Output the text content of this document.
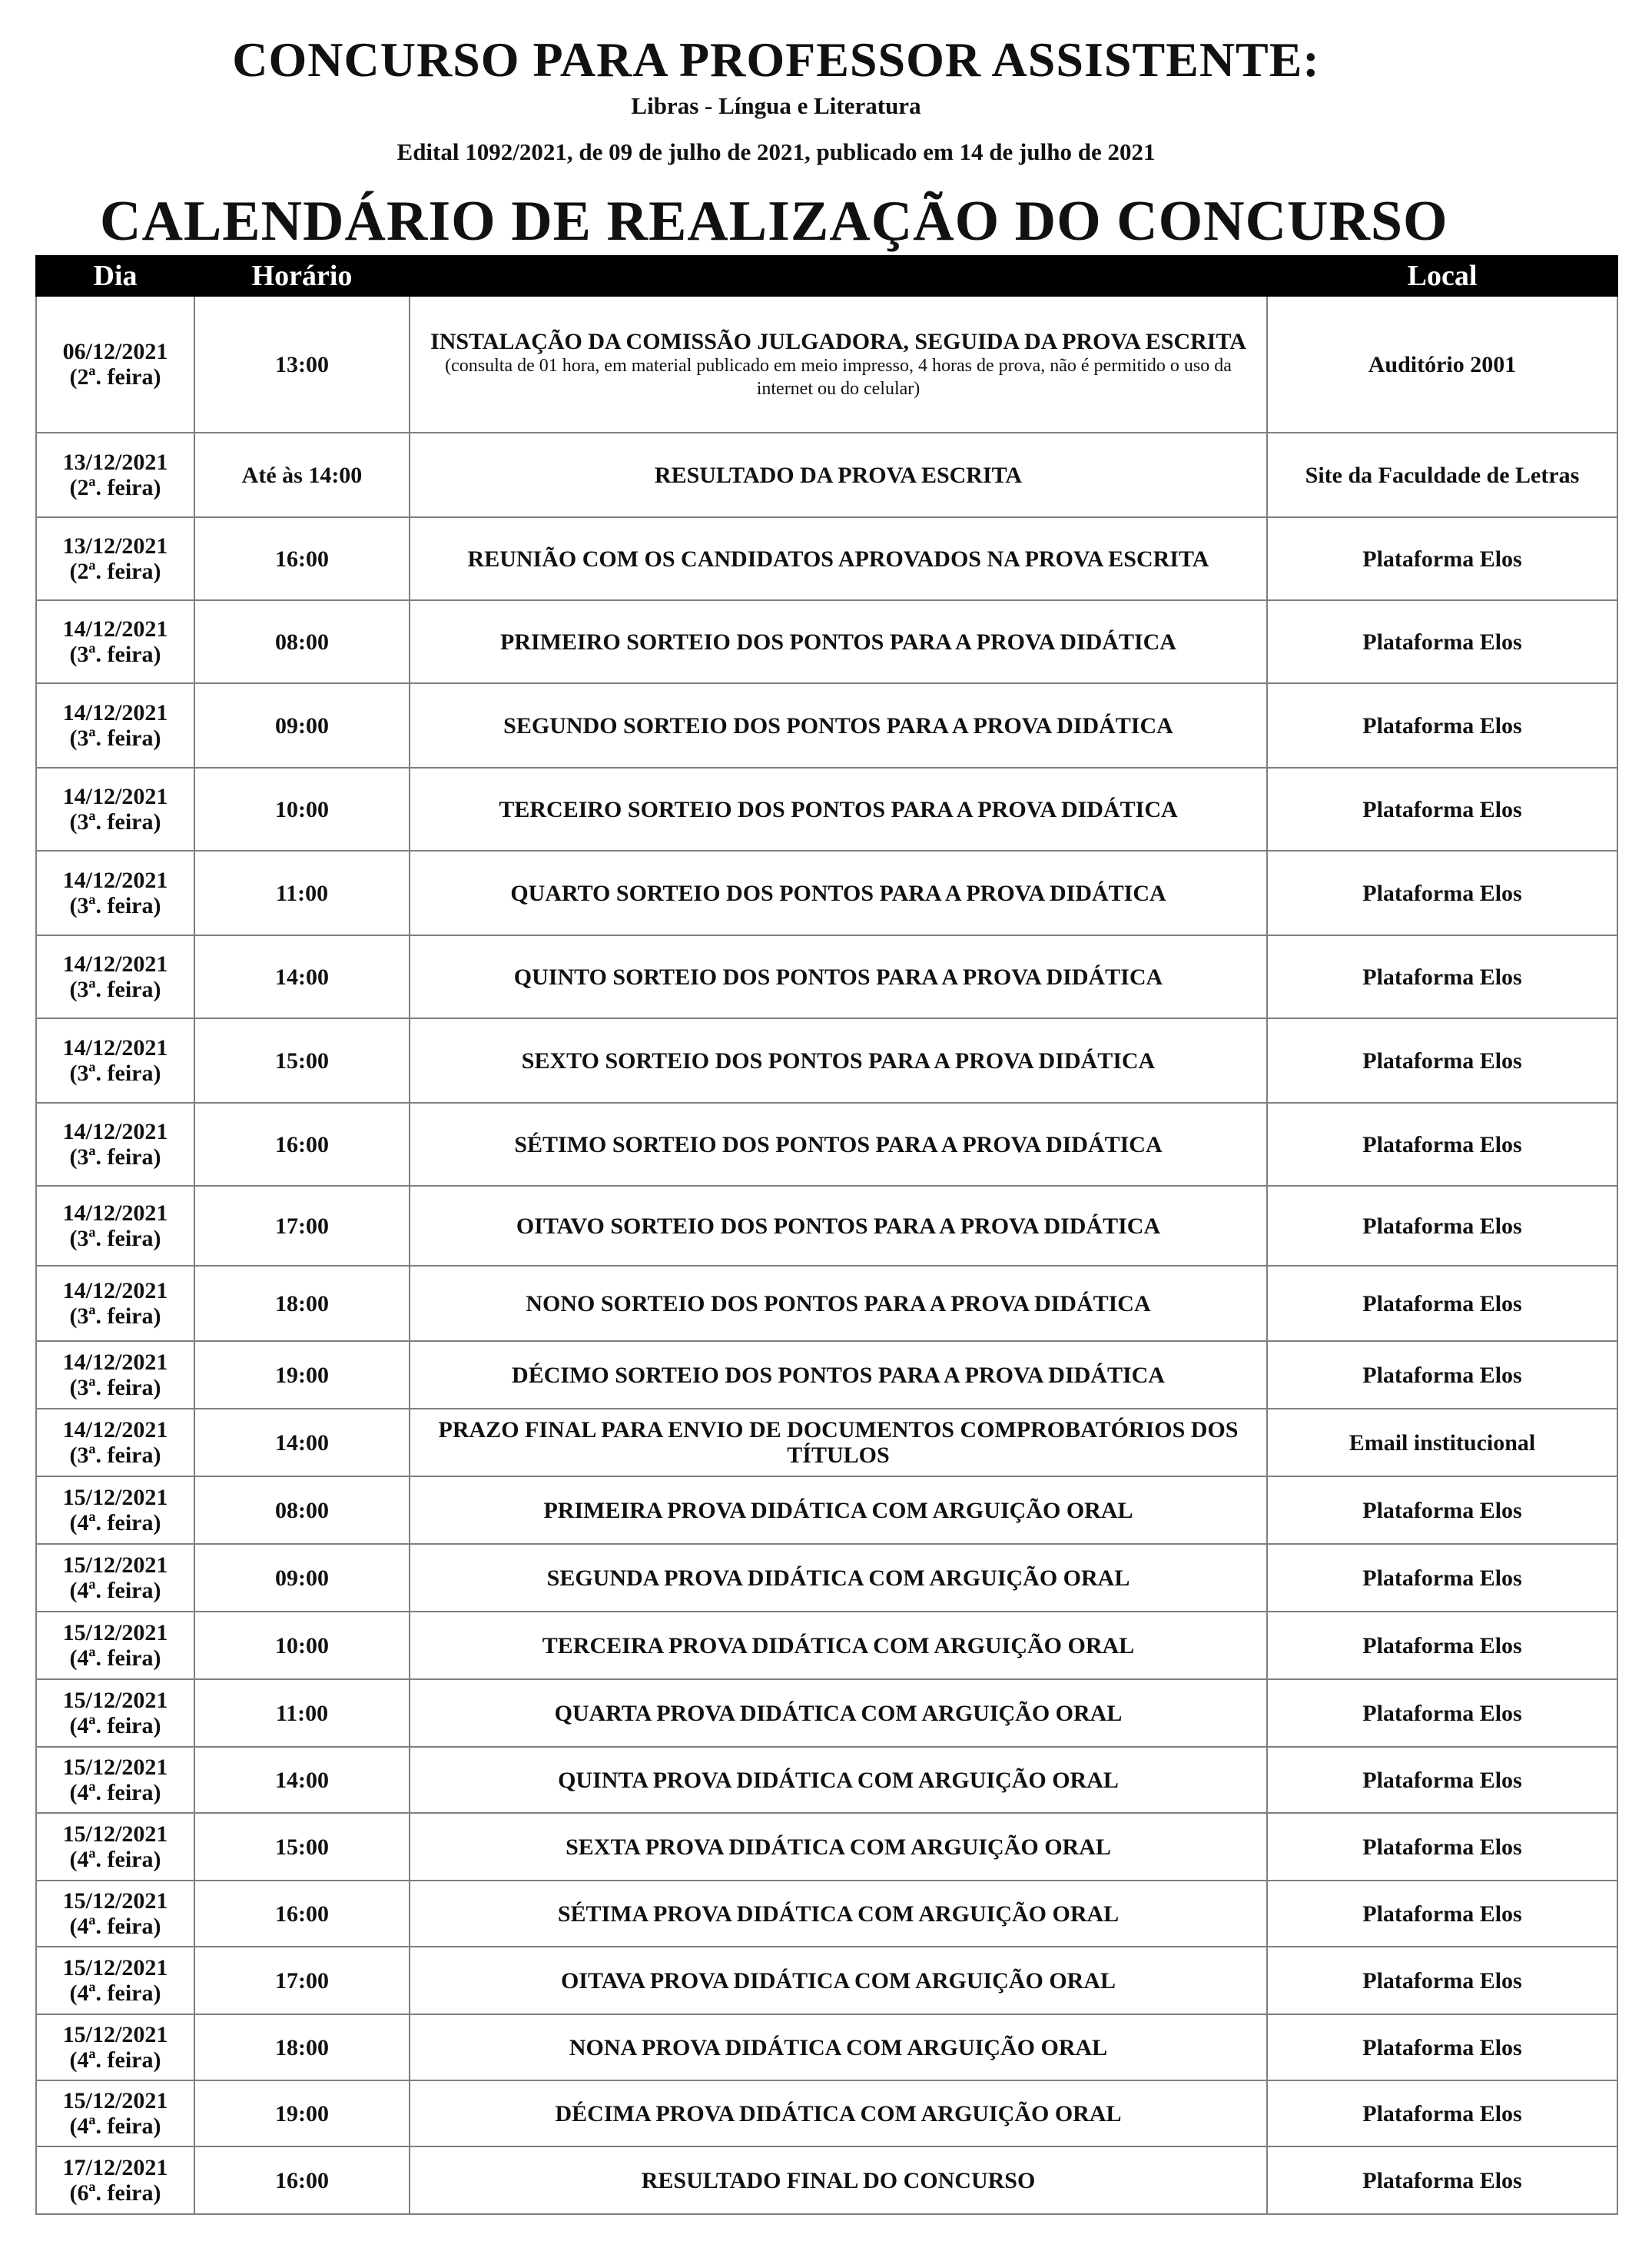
CONCURSO PARA PROFESSOR ASSISTENTE:
Libras - Língua e Literatura
Edital 1092/2021, de 09 de julho de 2021, publicado em 14 de julho de 2021
CALENDÁRIO DE REALIZAÇÃO DO CONCURSO
Dia	Horário		Local

06/12/2021
(2ª. feira)	13:00	INSTALAÇÃO DA COMISSÃO JULGADORA, SEGUIDA DA PROVA ESCRITA
(consulta de 01 hora, em material publicado em meio impresso, 4 horas de prova, não é permitido o uso da internet ou do celular)	Auditório 2001

13/12/2021
(2ª. feira)	Até às 14:00	RESULTADO DA PROVA ESCRITA	Site da Faculdade de Letras

13/12/2021
(2ª. feira)	16:00	REUNIÃO COM OS CANDIDATOS APROVADOS NA PROVA ESCRITA	Plataforma Elos

14/12/2021
(3ª. feira)	08:00	PRIMEIRO SORTEIO DOS PONTOS PARA A PROVA DIDÁTICA	Plataforma Elos

14/12/2021
(3ª. feira)	09:00	SEGUNDO SORTEIO DOS PONTOS PARA A PROVA DIDÁTICA	Plataforma Elos

14/12/2021
(3ª. feira)	10:00	TERCEIRO SORTEIO DOS PONTOS PARA A PROVA DIDÁTICA	Plataforma Elos

14/12/2021
(3ª. feira)	11:00	QUARTO SORTEIO DOS PONTOS PARA A PROVA DIDÁTICA	Plataforma Elos

14/12/2021
(3ª. feira)	14:00	QUINTO SORTEIO DOS PONTOS PARA A PROVA DIDÁTICA	Plataforma Elos

14/12/2021
(3ª. feira)	15:00	SEXTO SORTEIO DOS PONTOS PARA A PROVA DIDÁTICA	Plataforma Elos

14/12/2021
(3ª. feira)	16:00	SÉTIMO SORTEIO DOS PONTOS PARA A PROVA DIDÁTICA	Plataforma Elos

14/12/2021
(3ª. feira)	17:00	OITAVO SORTEIO DOS PONTOS PARA A PROVA DIDÁTICA	Plataforma Elos

14/12/2021
(3ª. feira)	18:00	NONO SORTEIO DOS PONTOS PARA A PROVA DIDÁTICA	Plataforma Elos

14/12/2021
(3ª. feira)	19:00	DÉCIMO SORTEIO DOS PONTOS PARA A PROVA DIDÁTICA	Plataforma Elos

14/12/2021
(3ª. feira)	14:00	PRAZO FINAL PARA ENVIO DE DOCUMENTOS COMPROBATÓRIOS DOS TÍTULOS	Email institucional

15/12/2021
(4ª. feira)	08:00	PRIMEIRA PROVA DIDÁTICA COM ARGUIÇÃO ORAL	Plataforma Elos

15/12/2021
(4ª. feira)	09:00	SEGUNDA PROVA DIDÁTICA COM ARGUIÇÃO ORAL	Plataforma Elos

15/12/2021
(4ª. feira)	10:00	TERCEIRA PROVA DIDÁTICA COM ARGUIÇÃO ORAL	Plataforma Elos

15/12/2021
(4ª. feira)	11:00	QUARTA PROVA DIDÁTICA COM ARGUIÇÃO ORAL	Plataforma Elos

15/12/2021
(4ª. feira)	14:00	QUINTA PROVA DIDÁTICA COM ARGUIÇÃO ORAL	Plataforma Elos

15/12/2021
(4ª. feira)	15:00	SEXTA PROVA DIDÁTICA COM ARGUIÇÃO ORAL	Plataforma Elos

15/12/2021
(4ª. feira)	16:00	SÉTIMA PROVA DIDÁTICA COM ARGUIÇÃO ORAL	Plataforma Elos

15/12/2021
(4ª. feira)	17:00	OITAVA PROVA DIDÁTICA COM ARGUIÇÃO ORAL	Plataforma Elos

15/12/2021
(4ª. feira)	18:00	NONA PROVA DIDÁTICA COM ARGUIÇÃO ORAL	Plataforma Elos

15/12/2021
(4ª. feira)	19:00	DÉCIMA PROVA DIDÁTICA COM ARGUIÇÃO ORAL	Plataforma Elos

17/12/2021
(6ª. feira)	16:00	RESULTADO FINAL DO CONCURSO	Plataforma Elos
